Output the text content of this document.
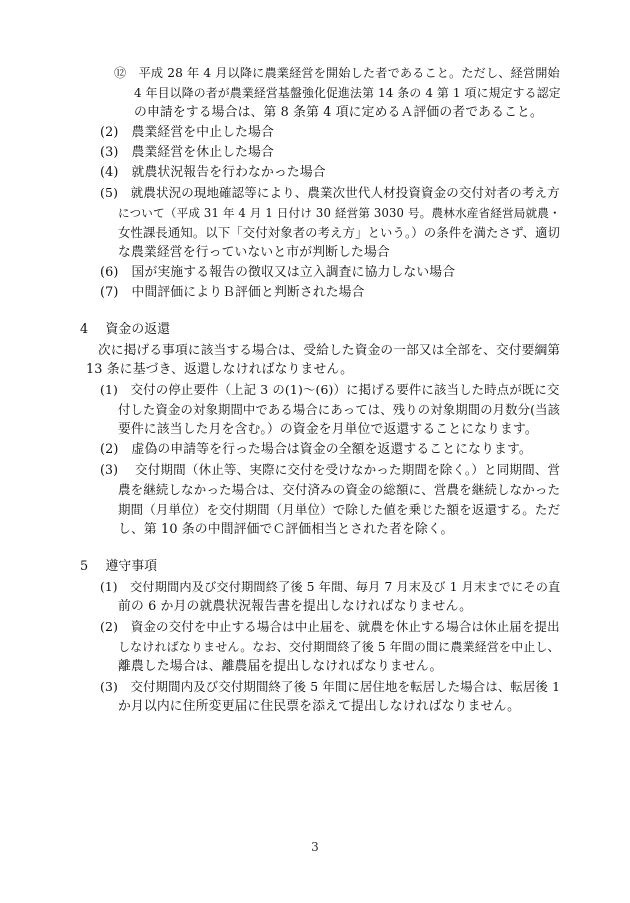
⑫　平成 28 年 4 月以降に農業経営を開始した者であること。ただし、経営開始
4 年目以降の者が農業経営基盤強化促進法第 14 条の 4 第 1 項に規定する認定
の申請をする場合は、第 8 条第 4 項に定めるＡ評価の者であること。
(2)　農業経営を中止した場合
(3)　農業経営を休止した場合
(4)　就農状況報告を行わなかった場合
(5)　就農状況の現地確認等により、農業次世代人材投資資金の交付対者の考え方
について（平成 31 年 4 月 1 日付け 30 経営第 3030 号。農林水産省経営局就農・
女性課長通知。以下「交付対象者の考え方」という。）の条件を満たさず、適切
な農業経営を行っていないと市が判断した場合
(6)　国が実施する報告の徴収又は立入調査に協力しない場合
(7)　中間評価によりＢ評価と判断された場合
4　 資金の返還
次に掲げる事項に該当する場合は、受給した資金の一部又は全部を、交付要綱第
13 条に基づき、返還しなければなりません。
(1)　交付の停止要件（上記 3 の(1)～(6)）に掲げる要件に該当した時点が既に交
付した資金の対象期間中である場合にあっては、残りの対象期間の月数分(当該
要件に該当した月を含む。）の資金を月単位で返還することになります。
(2)　虚偽の申請等を行った場合は資金の全額を返還することになります。
(3)　 交付期間（休止等、実際に交付を受けなかった期間を除く。）と同期間、営
農を継続しなかった場合は、交付済みの資金の総額に、営農を継続しなかった
期間（月単位）を交付期間（月単位）で除した値を乗じた額を返還する。ただ
し、第 10 条の中間評価でＣ評価相当とされた者を除く。
5　 遵守事項
(1)　交付期間内及び交付期間終了後 5 年間、毎月 7 月末及び 1 月末までにその直
前の 6 か月の就農状況報告書を提出しなければなりません。
(2)　資金の交付を中止する場合は中止届を、就農を休止する場合は休止届を提出
しなければなりません。なお、交付期間終了後 5 年間の間に農業経営を中止し、
離農した場合は、離農届を提出しなければなりません。
(3)　交付期間内及び交付期間終了後 5 年間に居住地を転居した場合は、転居後 1
か月以内に住所変更届に住民票を添えて提出しなければなりません。
3
